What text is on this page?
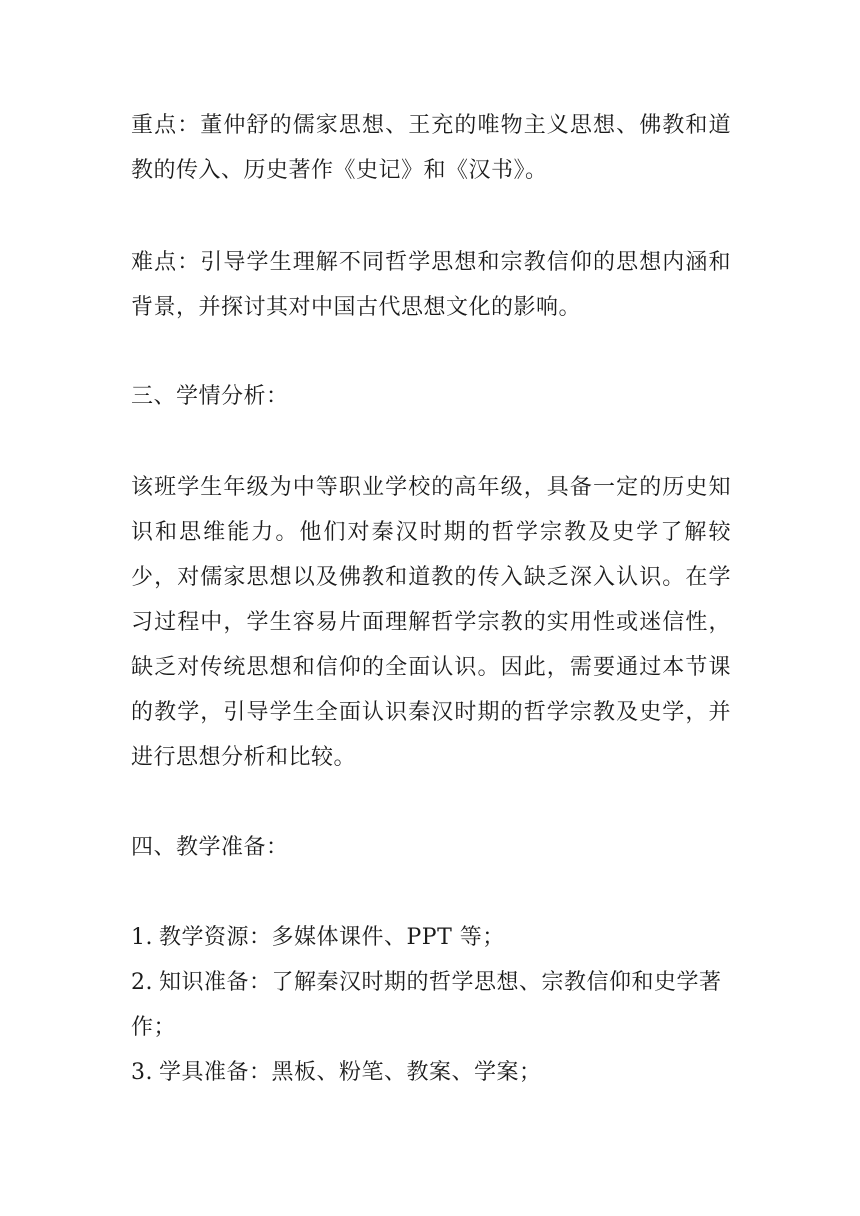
重点：董仲舒的儒家思想、王充的唯物主义思想、佛教和道教的传入、历史著作《史记》和《汉书》。

难点：引导学生理解不同哲学思想和宗教信仰的思想内涵和背景，并探讨其对中国古代思想文化的影响。

三、学情分析：

该班学生年级为中等职业学校的高年级，具备一定的历史知识和思维能力。他们对秦汉时期的哲学宗教及史学了解较少，对儒家思想以及佛教和道教的传入缺乏深入认识。在学习过程中，学生容易片面理解哲学宗教的实用性或迷信性，缺乏对传统思想和信仰的全面认识。因此，需要通过本节课的教学，引导学生全面认识秦汉时期的哲学宗教及史学，并进行思想分析和比较。

四、教学准备：

1. 教学资源：多媒体课件、PPT 等；
2. 知识准备：了解秦汉时期的哲学思想、宗教信仰和史学著作；
3. 学具准备：黑板、粉笔、教案、学案；
